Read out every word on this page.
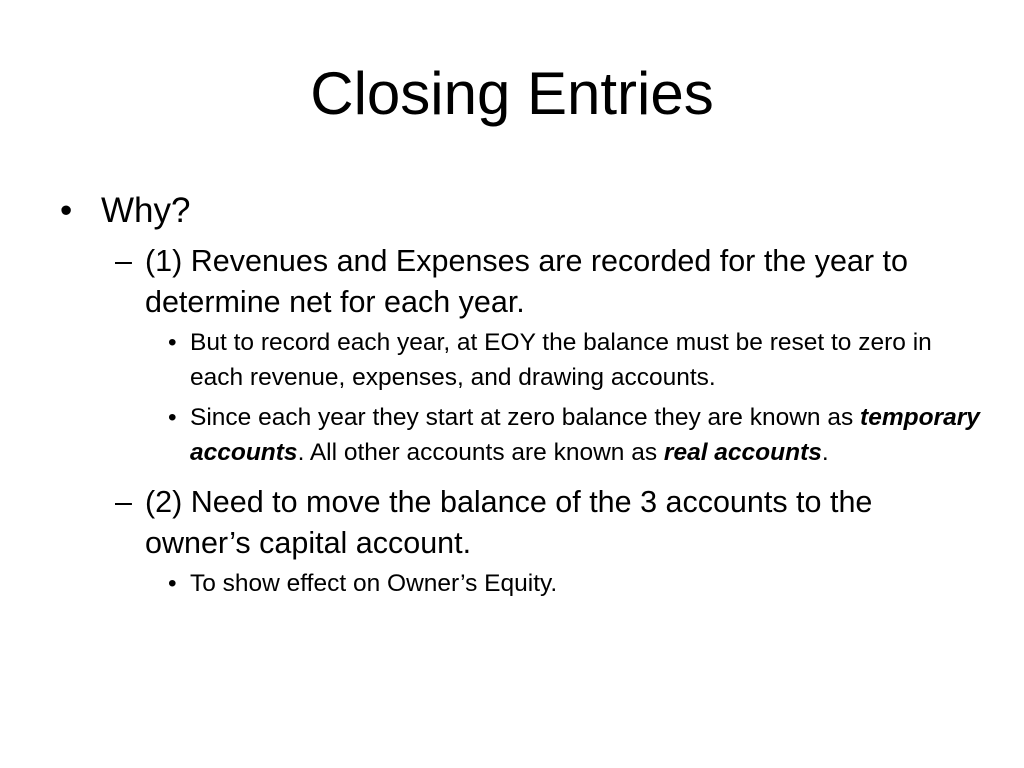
Closing Entries
• Why?
– (1) Revenues and Expenses are recorded for the year to determine net for each year.
• But to record each year, at EOY the balance must be reset to zero in each revenue, expenses, and drawing accounts.
• Since each year they start at zero balance they are known as temporary accounts. All other accounts are known as real accounts.
– (2) Need to move the balance of the 3 accounts to the owner’s capital account.
• To show effect on Owner’s Equity.
